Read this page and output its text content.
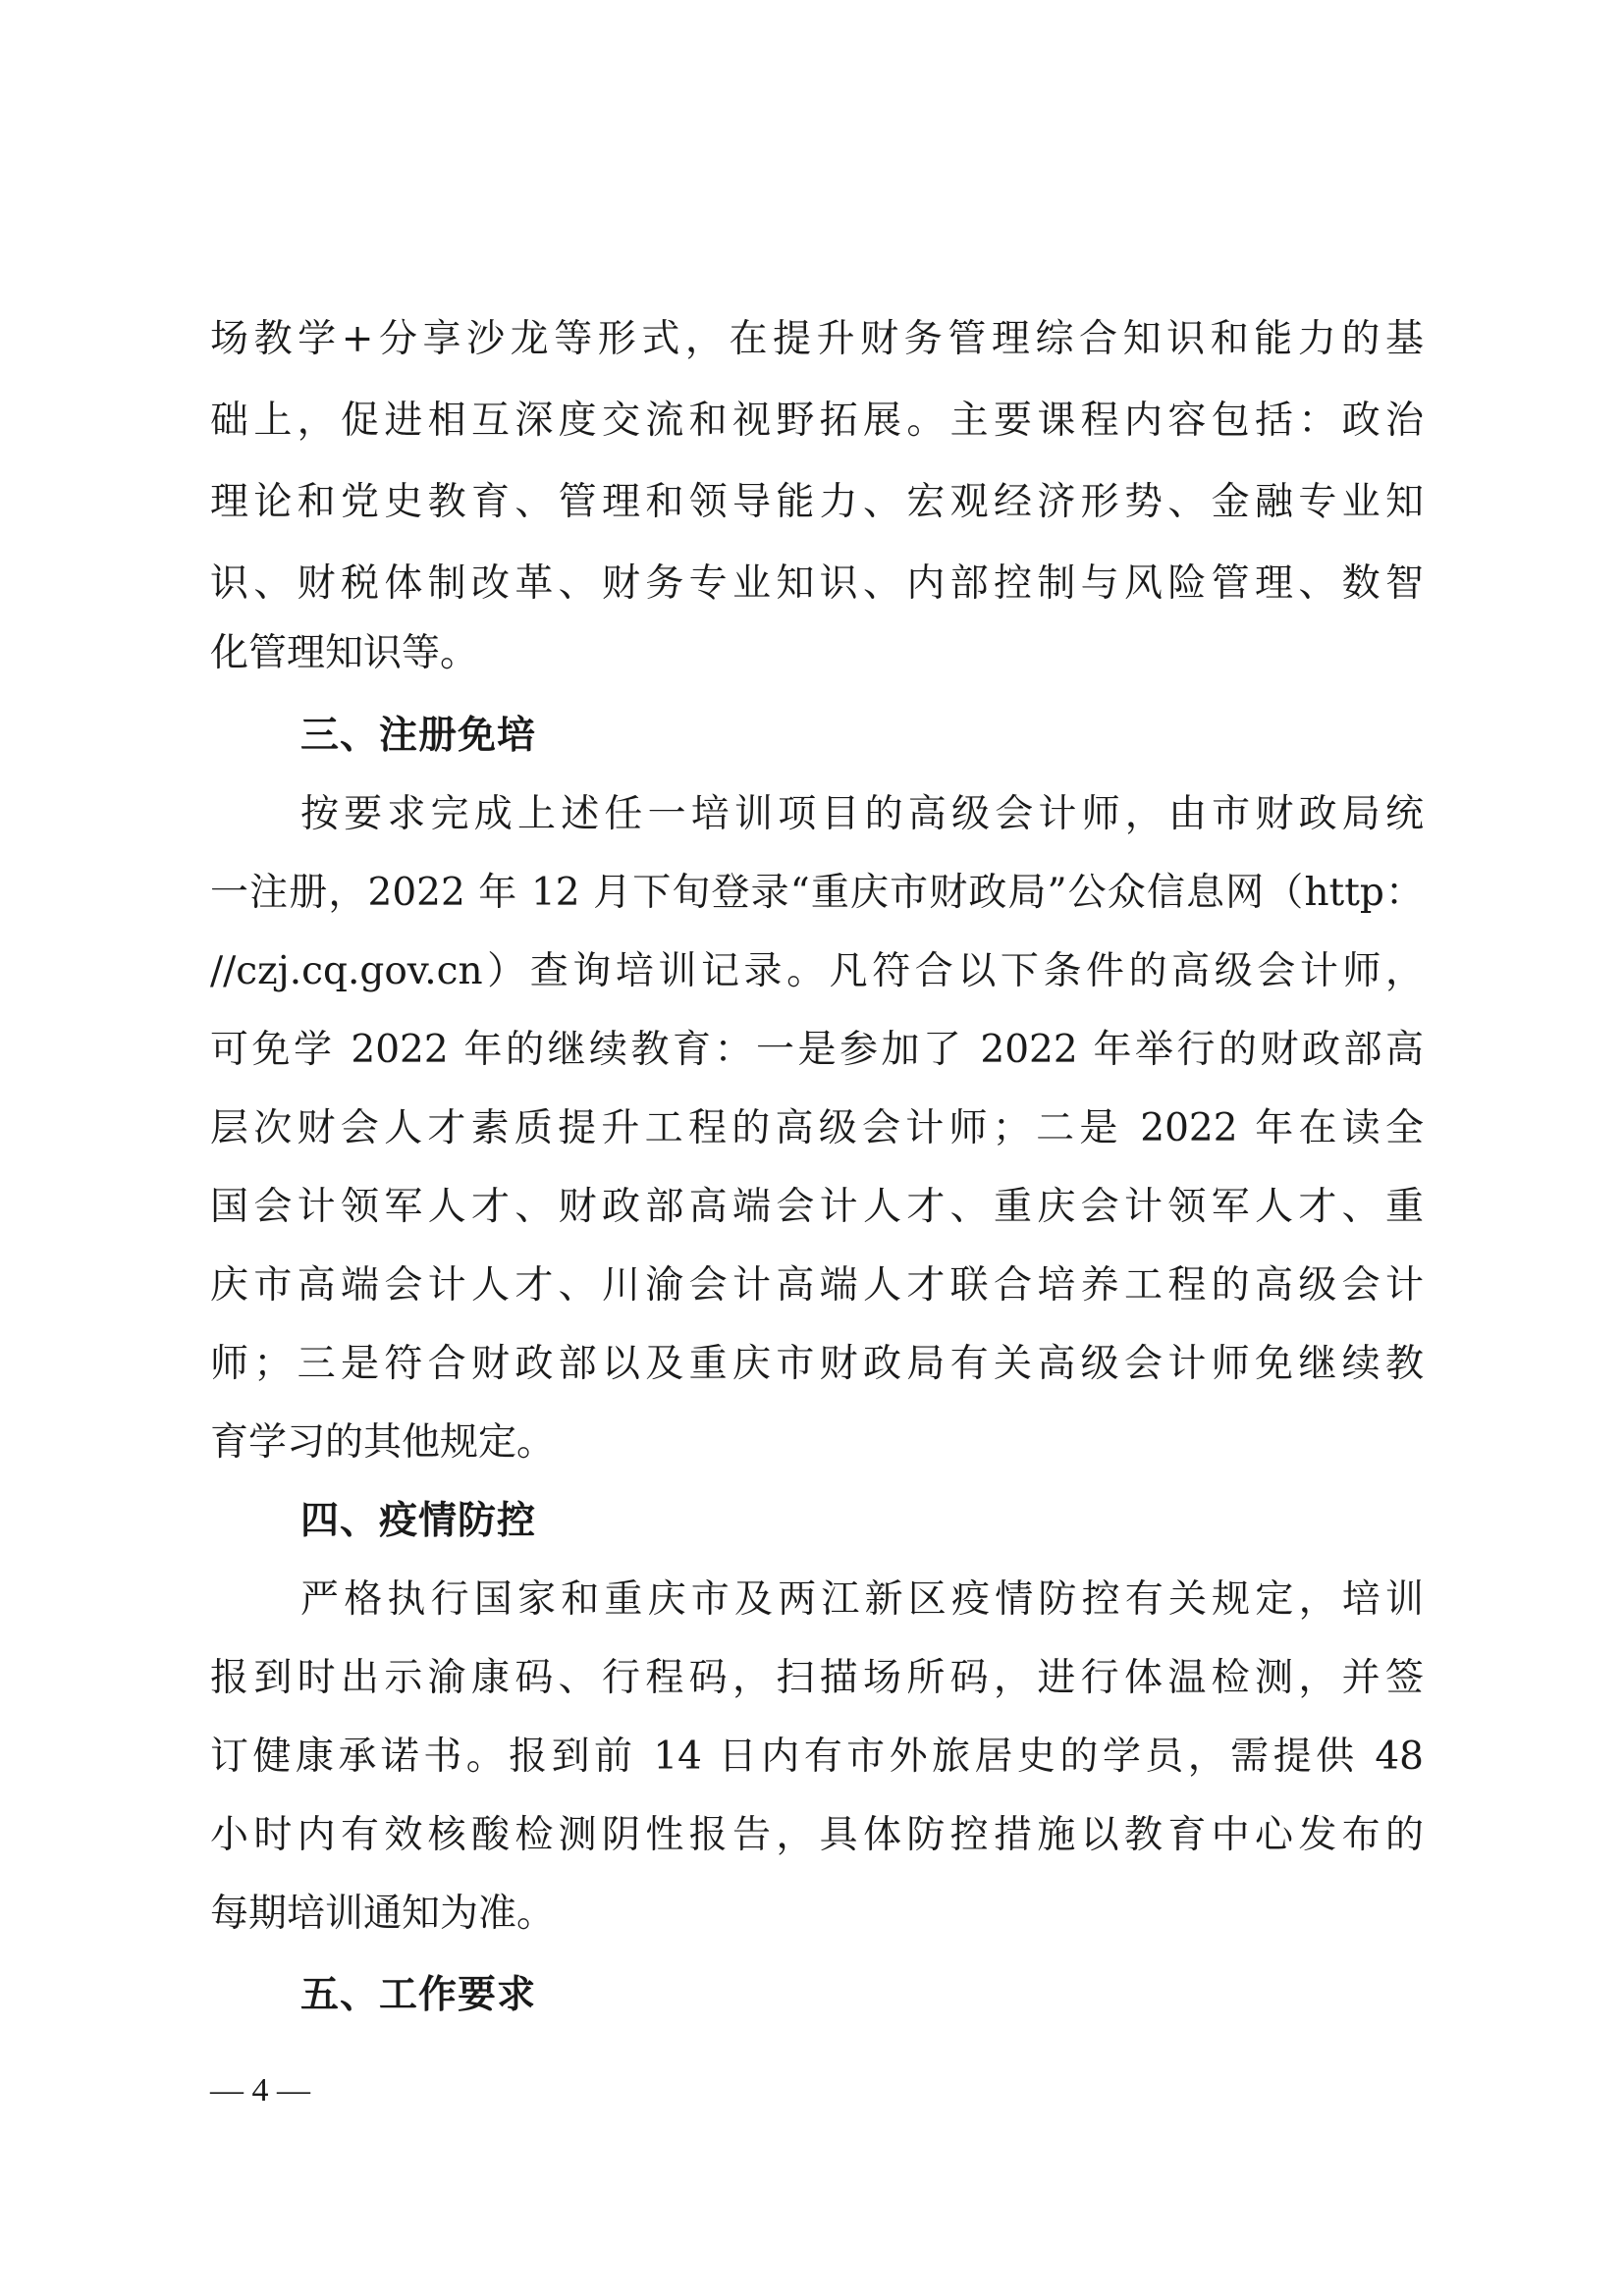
场教学+分享沙龙等形式，在提升财务管理综合知识和能力的基
础上，促进相互深度交流和视野拓展。主要课程内容包括：政治
理论和党史教育、管理和领导能力、宏观经济形势、金融专业知
识、财税体制改革、财务专业知识、内部控制与风险管理、数智
化管理知识等。
三、注册免培
按要求完成上述任一培训项目的高级会计师，由市财政局统
一注册，2022 年 12 月下旬登录“重庆市财政局”公众信息网（http：
//czj.cq.gov.cn）查询培训记录。凡符合以下条件的高级会计师，
可免学 2022 年的继续教育：一是参加了 2022 年举行的财政部高
层次财会人才素质提升工程的高级会计师；二是 2022 年在读全
国会计领军人才、财政部高端会计人才、重庆会计领军人才、重
庆市高端会计人才、川渝会计高端人才联合培养工程的高级会计
师；三是符合财政部以及重庆市财政局有关高级会计师免继续教
育学习的其他规定。
四、疫情防控
严格执行国家和重庆市及两江新区疫情防控有关规定，培训
报到时出示渝康码、行程码，扫描场所码，进行体温检测，并签
订健康承诺书。报到前 14 日内有市外旅居史的学员，需提供 48
小时内有效核酸检测阴性报告，具体防控措施以教育中心发布的
每期培训通知为准。
五、工作要求
— 4 —
